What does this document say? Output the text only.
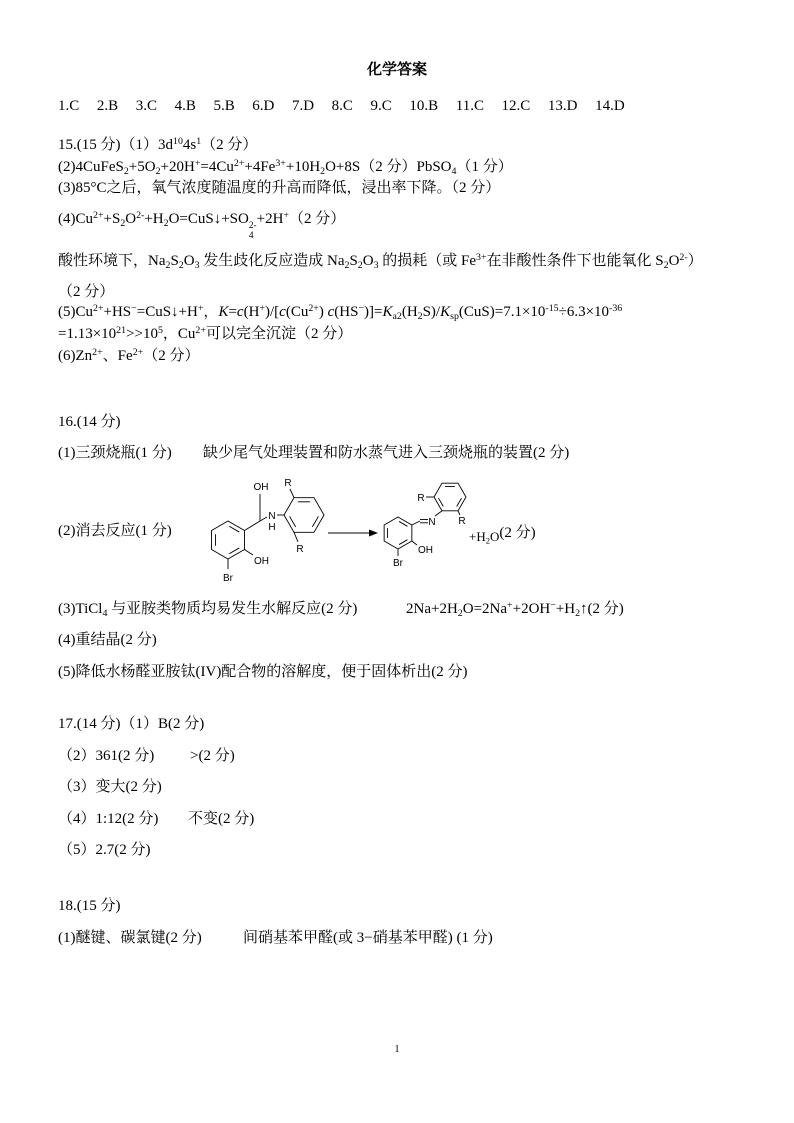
化学答案
1.C 2.B 3.C 4.B 5.B 6.D 7.D 8.C 9.C 10.B 11.C 12.C 13.D 14.D
15.(15 分)$(1)3d^{10}4s^1(2$ 分）
$(2)4CuFeS_2+5O_2+20H^+=4Cu^{2+}+4Fe^{3+}+10H_2O+8S(2$ 分）PbSO$_4$（1 分）
(3)85°C之后，氧气浓度随温度的升高而降低，浸出率下降。（2 分）
$(4)Cu^{2+}+S_2O^{2-}+H_2O=CuS↓+SO$ 2-
4
+2H+（2 分）
酸性环境下，$Na_2S_2O_3$ 发生歧化反应造成 $Na_2S_2O_3$ 的损耗（或 $Fe^{3+}$在非酸性条件下也能氧化 $S_2O^{2-}$）
（2 分）
$(5)Cu^{2+}+HS^-=CuS↓+H^+$，$K=c(H^+)/[c(Cu^{2+})$ $c(HS^-)]=K_{a2}(H_2S)/K_{sp}(CuS)=7.1\times 10^{-15}\div 6.3\times 10^{-36}$
$=1.13\times 10^{21}>>10^5$，$Cu^{2+}$可以完全沉淀（2 分）
$(6)Zn^{2+}$、$Fe^{2+}(2$ 分）
16.(14 分)
(1)三颈烧瓶(1 分) 缺少尾气处理装置和防水蒸气进入三颈烧瓶的装置(2 分)
(2)消去反应(1 分)
OH
N
H
OH
Br
R
R
N
OH
Br
R
R
$+H_2O(2$ 分)
(3)TiCl$_4$ 与亚胺类物质均易发生水解反应(2 分)	$2Na+2H_2O=2Na^++2OH^-+H_2↑(2$ 分)
(4)重结晶(2 分)
(5)降低水杨醛亚胺钛(IV)配合物的溶解度，便于固体析出(2 分)
17.(14 分)（1）B(2 分)
（2）361(2 分) >(2 分)
（3）变大(2 分)
（4）1:12(2 分) 不变(2 分)
（5）2.7(2 分)
18.(15 分)
(1)醚键、碳氯键(2 分)	间硝基苯甲醛(或 3−硝基苯甲醛) (1 分)
1
